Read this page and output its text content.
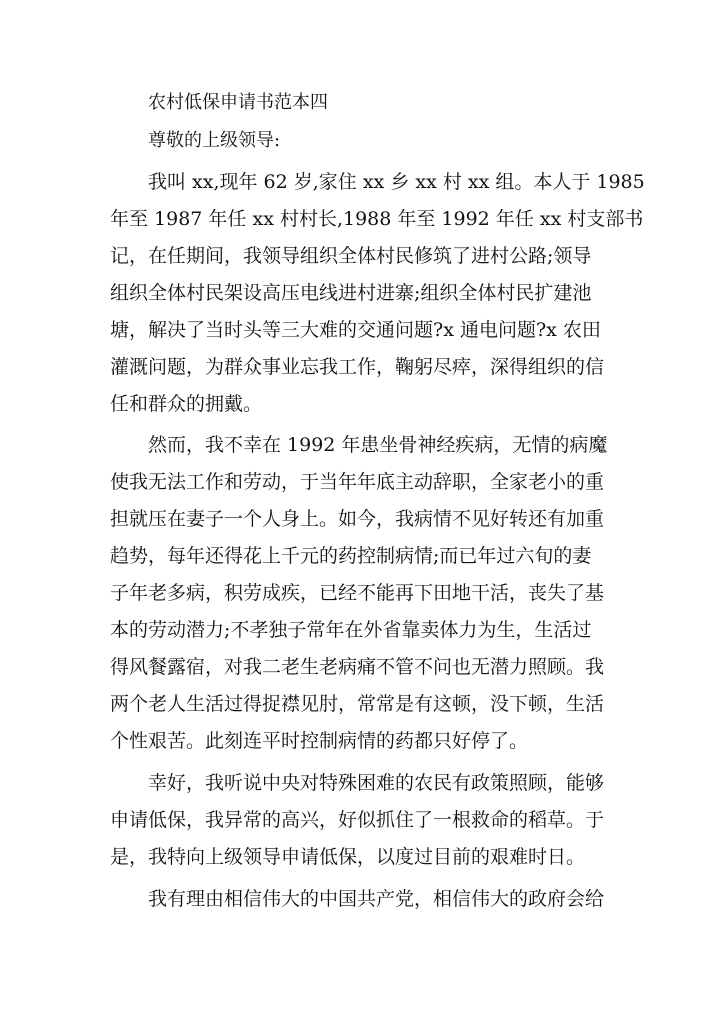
农村低保申请书范本四
尊敬的上级领导:
我叫 xx,现年 62 岁,家住 xx 乡 xx 村 xx 组。本人于 1985
年至 1987 年任 xx 村村长,1988 年至 1992 年任 xx 村支部书
记，在任期间，我领导组织全体村民修筑了进村公路;领导
组织全体村民架设高压电线进村进寨;组织全体村民扩建池
塘，解决了当时头等三大难的交通问题?x 通电问题?x 农田
灌溉问题，为群众事业忘我工作，鞠躬尽瘁，深得组织的信
任和群众的拥戴。
然而，我不幸在 1992 年患坐骨神经疾病，无情的病魔
使我无法工作和劳动，于当年年底主动辞职，全家老小的重
担就压在妻子一个人身上。如今，我病情不见好转还有加重
趋势，每年还得花上千元的药控制病情;而已年过六旬的妻
子年老多病，积劳成疾，已经不能再下田地干活，丧失了基
本的劳动潜力;不孝独子常年在外省靠卖体力为生，生活过
得风餐露宿，对我二老生老病痛不管不问也无潜力照顾。我
两个老人生活过得捉襟见肘，常常是有这顿，没下顿，生活
个性艰苦。此刻连平时控制病情的药都只好停了。
幸好，我听说中央对特殊困难的农民有政策照顾，能够
申请低保，我异常的高兴，好似抓住了一根救命的稻草。于
是，我特向上级领导申请低保，以度过目前的艰难时日。
我有理由相信伟大的中国共产党，相信伟大的政府会给
